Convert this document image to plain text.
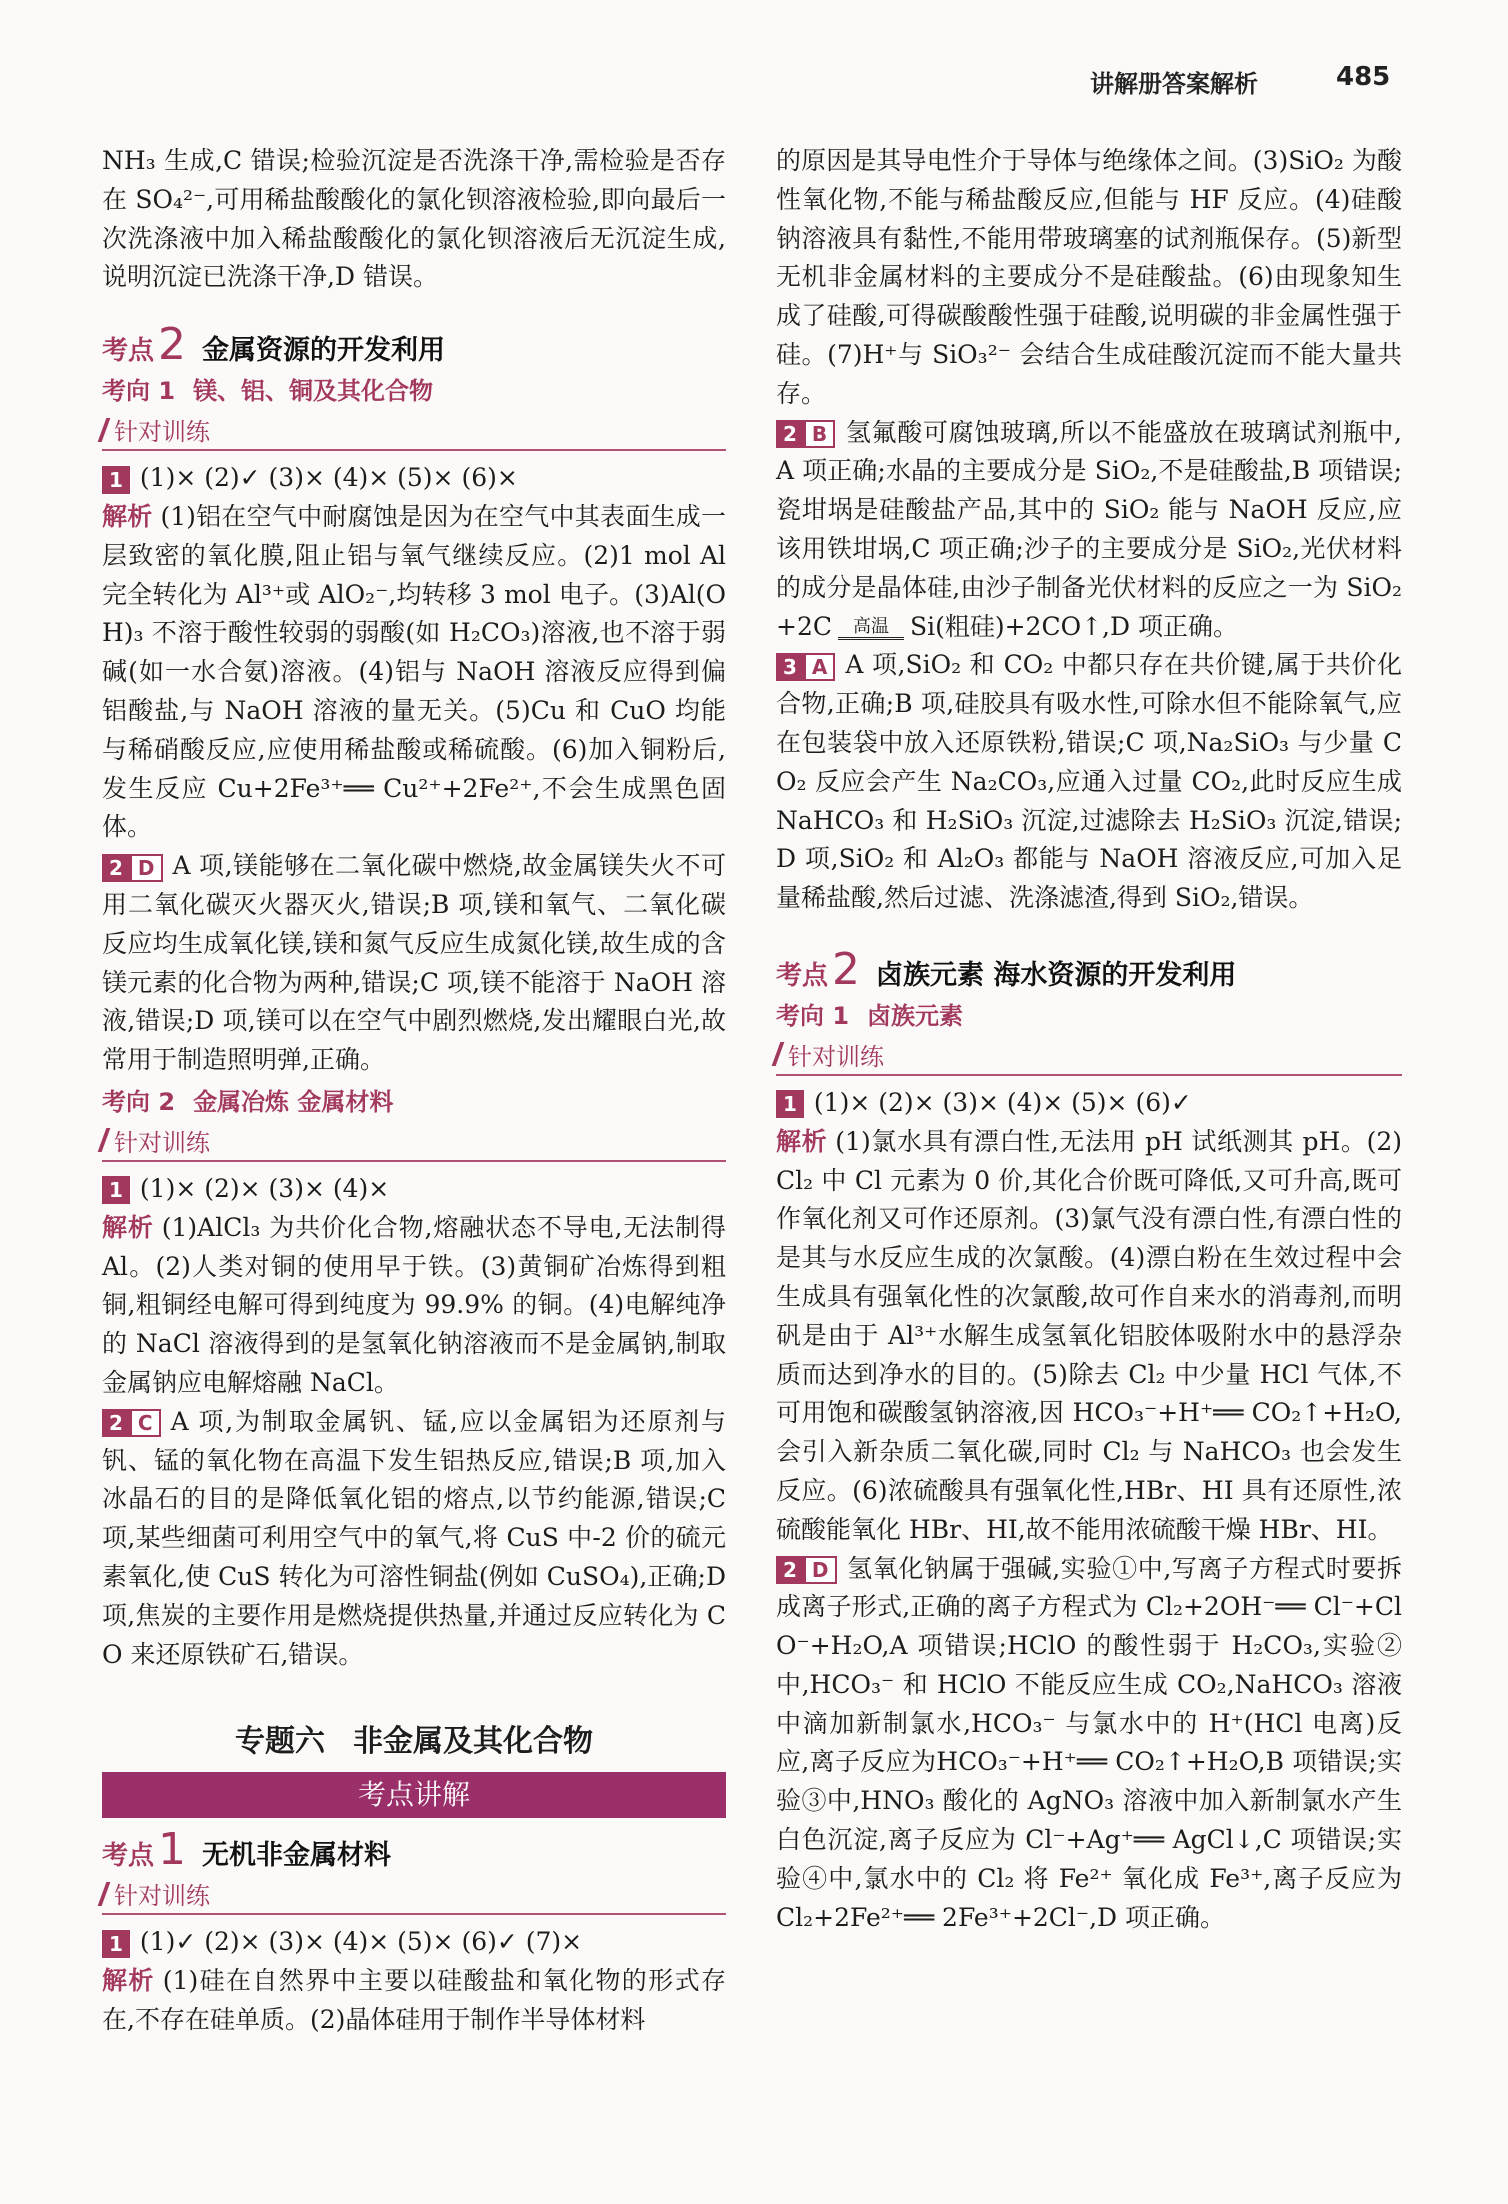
讲解册答案解析	485

NH₃ 生成,C 错误;检验沉淀是否洗涤干净,需检验是否存在 SO₄²⁻,可用稀盐酸酸化的氯化钡溶液检验,即向最后一次洗涤液中加入稀盐酸酸化的氯化钡溶液后无沉淀生成,说明沉淀已洗涤干净,D 错误。

考点 2 金属资源的开发利用
考向 1 镁、铝、铜及其化合物
针对训练

1 (1)× (2)✓ (3)× (4)× (5)× (6)×

解析 (1)铝在空气中耐腐蚀是因为在空气中其表面生成一层致密的氧化膜,阻止铝与氧气继续反应。(2)1 mol Al 完全转化为 Al³⁺或 AlO₂⁻,均转移 3 mol 电子。(3)Al(OH)₃ 不溶于酸性较弱的弱酸(如 H₂CO₃)溶液,也不溶于弱碱(如一水合氨)溶液。(4)铝与 NaOH 溶液反应得到偏铝酸盐,与 NaOH 溶液的量无关。(5)Cu 和 CuO 均能与稀硝酸反应,应使用稀盐酸或稀硫酸。(6)加入铜粉后,发生反应 Cu+2Fe³⁺══ Cu²⁺+2Fe²⁺,不会生成黑色固体。

2 D A 项,镁能够在二氧化碳中燃烧,故金属镁失火不可用二氧化碳灭火器灭火,错误;B 项,镁和氧气、二氧化碳反应均生成氧化镁,镁和氮气反应生成氮化镁,故生成的含镁元素的化合物为两种,错误;C 项,镁不能溶于 NaOH 溶液,错误;D 项,镁可以在空气中剧烈燃烧,发出耀眼白光,故常用于制造照明弹,正确。

考向 2 金属冶炼 金属材料
针对训练

1 (1)× (2)× (3)× (4)×

解析 (1)AlCl₃ 为共价化合物,熔融状态不导电,无法制得 Al。(2)人类对铜的使用早于铁。(3)黄铜矿冶炼得到粗铜,粗铜经电解可得到纯度为 99.9% 的铜。(4)电解纯净的 NaCl 溶液得到的是氢氧化钠溶液而不是金属钠,制取金属钠应电解熔融 NaCl。

2 C A 项,为制取金属钒、锰,应以金属铝为还原剂与钒、锰的氧化物在高温下发生铝热反应,错误;B 项,加入冰晶石的目的是降低氧化铝的熔点,以节约能源,错误;C 项,某些细菌可利用空气中的氧气,将 CuS 中-2 价的硫元素氧化,使 CuS 转化为可溶性铜盐(例如 CuSO₄),正确;D 项,焦炭的主要作用是燃烧提供热量,并通过反应转化为 CO 来还原铁矿石,错误。

专题六 非金属及其化合物
考点讲解
考点 1 无机非金属材料
针对训练

1 (1)✓ (2)× (3)× (4)× (5)× (6)✓ (7)×

解析 (1)硅在自然界中主要以硅酸盐和氧化物的形式存在,不存在硅单质。(2)晶体硅用于制作半导体材料

的原因是其导电性介于导体与绝缘体之间。(3)SiO₂ 为酸性氧化物,不能与稀盐酸反应,但能与 HF 反应。(4)硅酸钠溶液具有黏性,不能用带玻璃塞的试剂瓶保存。(5)新型无机非金属材料的主要成分不是硅酸盐。(6)由现象知生成了硅酸,可得碳酸酸性强于硅酸,说明碳的非金属性强于硅。(7)H⁺与 SiO₃²⁻ 会结合生成硅酸沉淀而不能大量共存。

2 B 氢氟酸可腐蚀玻璃,所以不能盛放在玻璃试剂瓶中,A 项正确;水晶的主要成分是 SiO₂,不是硅酸盐,B 项错误;瓷坩埚是硅酸盐产品,其中的 SiO₂ 能与 NaOH 反应,应该用铁坩埚,C 项正确;沙子的主要成分是 SiO₂,光伏材料的成分是晶体硅,由沙子制备光伏材料的反应之一为 SiO₂+2C 高温 Si(粗硅)+2CO↑,D 项正确。

3 A A 项,SiO₂ 和 CO₂ 中都只存在共价键,属于共价化合物,正确;B 项,硅胶具有吸水性,可除水但不能除氧气,应在包装袋中放入还原铁粉,错误;C 项,Na₂SiO₃ 与少量 CO₂ 反应会产生 Na₂CO₃,应通入过量 CO₂,此时反应生成 NaHCO₃ 和 H₂SiO₃ 沉淀,过滤除去 H₂SiO₃ 沉淀,错误;D 项,SiO₂ 和 Al₂O₃ 都能与 NaOH 溶液反应,可加入足量稀盐酸,然后过滤、洗涤滤渣,得到 SiO₂,错误。

考点 2 卤族元素 海水资源的开发利用
考向 1 卤族元素
针对训练

1 (1)× (2)× (3)× (4)× (5)× (6)✓

解析 (1)氯水具有漂白性,无法用 pH 试纸测其 pH。(2)Cl₂ 中 Cl 元素为 0 价,其化合价既可降低,又可升高,既可作氧化剂又可作还原剂。(3)氯气没有漂白性,有漂白性的是其与水反应生成的次氯酸。(4)漂白粉在生效过程中会生成具有强氧化性的次氯酸,故可作自来水的消毒剂,而明矾是由于 Al³⁺水解生成氢氧化铝胶体吸附水中的悬浮杂质而达到净水的目的。(5)除去 Cl₂ 中少量 HCl 气体,不可用饱和碳酸氢钠溶液,因 HCO₃⁻+H⁺══ CO₂↑+H₂O,会引入新杂质二氧化碳,同时 Cl₂ 与 NaHCO₃ 也会发生反应。(6)浓硫酸具有强氧化性,HBr、HI 具有还原性,浓硫酸能氧化 HBr、HI,故不能用浓硫酸干燥 HBr、HI。

2 D 氢氧化钠属于强碱,实验①中,写离子方程式时要拆成离子形式,正确的离子方程式为 Cl₂+2OH⁻══ Cl⁻+ClO⁻+H₂O,A 项错误;HClO 的酸性弱于 H₂CO₃,实验②中,HCO₃⁻ 和 HClO 不能反应生成 CO₂,NaHCO₃ 溶液中滴加新制氯水,HCO₃⁻ 与氯水中的 H⁺(HCl 电离)反应,离子反应为HCO₃⁻+H⁺══ CO₂↑+H₂O,B 项错误;实验③中,HNO₃ 酸化的 AgNO₃ 溶液中加入新制氯水产生白色沉淀,离子反应为 Cl⁻+Ag⁺══ AgCl↓,C 项错误;实验④中,氯水中的 Cl₂ 将 Fe²⁺ 氧化成 Fe³⁺,离子反应为 Cl₂+2Fe²⁺══ 2Fe³⁺+2Cl⁻,D 项正确。
